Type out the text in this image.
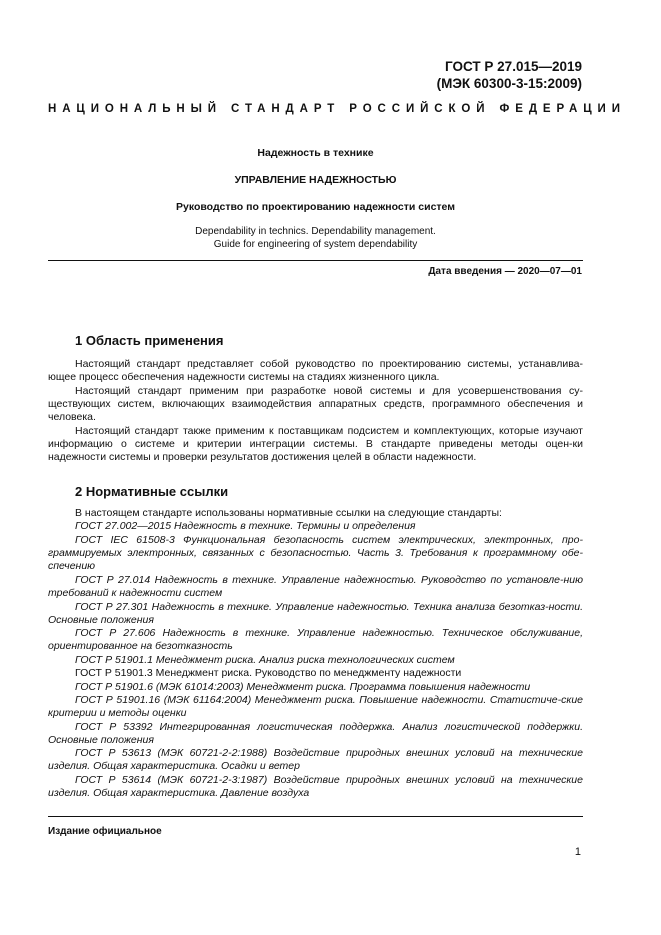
ГОСТ Р 27.015—2019
(МЭК 60300-3-15:2009)
НАЦИОНАЛЬНЫЙ СТАНДАРТ РОССИЙСКОЙ ФЕДЕРАЦИИ
Надежность в технике
УПРАВЛЕНИЕ НАДЕЖНОСТЬЮ
Руководство по проектированию надежности систем
Dependability in technics. Dependability management.
Guide for engineering of system dependability
Дата введения — 2020—07—01
1 Область применения

Настоящий стандарт представляет собой руководство по проектированию системы, устанавлива-ющее процесс обеспечения надежности системы на стадиях жизненного цикла.

Настоящий стандарт применим при разработке новой системы и для усовершенствования су-ществующих систем, включающих взаимодействия аппаратных средств, программного обеспечения и человека.

Настоящий стандарт также применим к поставщикам подсистем и комплектующих, которые изучают информацию о системе и критерии интеграции системы. В стандарте приведены методы оцен-ки надежности системы и проверки результатов достижения целей в области надежности.

2 Нормативные ссылки

В настоящем стандарте использованы нормативные ссылки на следующие стандарты:

ГОСТ 27.002—2015 Надежность в технике. Термины и определения

ГОСТ IEC 61508-3 Функциональная безопасность систем электрических, электронных, про-граммируемых электронных, связанных с безопасностью. Часть 3. Требования к программному обе-спечению

ГОСТ Р 27.014 Надежность в технике. Управление надежностью. Руководство по установле-нию требований к надежности систем

ГОСТ Р 27.301 Надежность в технике. Управление надежностью. Техника анализа безотказ-ности. Основные положения

ГОСТ Р 27.606 Надежность в технике. Управление надежностью. Техническое обслуживание, ориентированное на безотказность

ГОСТ Р 51901.1 Менеджмент риска. Анализ риска технологических систем

ГОСТ Р 51901.3 Менеджмент риска. Руководство по менеджменту надежности

ГОСТ Р 51901.6 (МЭК 61014:2003) Менеджмент риска. Программа повышения надежности

ГОСТ Р 51901.16 (МЭК 61164:2004) Менеджмент риска. Повышение надежности. Статистиче-ские критерии и методы оценки

ГОСТ Р 53392 Интегрированная логистическая поддержка. Анализ логистической поддержки. Основные положения

ГОСТ Р 53613 (МЭК 60721-2-2:1988) Воздействие природных внешних условий на технические изделия. Общая характеристика. Осадки и ветер

ГОСТ Р 53614 (МЭК 60721-2-3:1987) Воздействие природных внешних условий на технические изделия. Общая характеристика. Давление воздуха

Издание официальное
1
